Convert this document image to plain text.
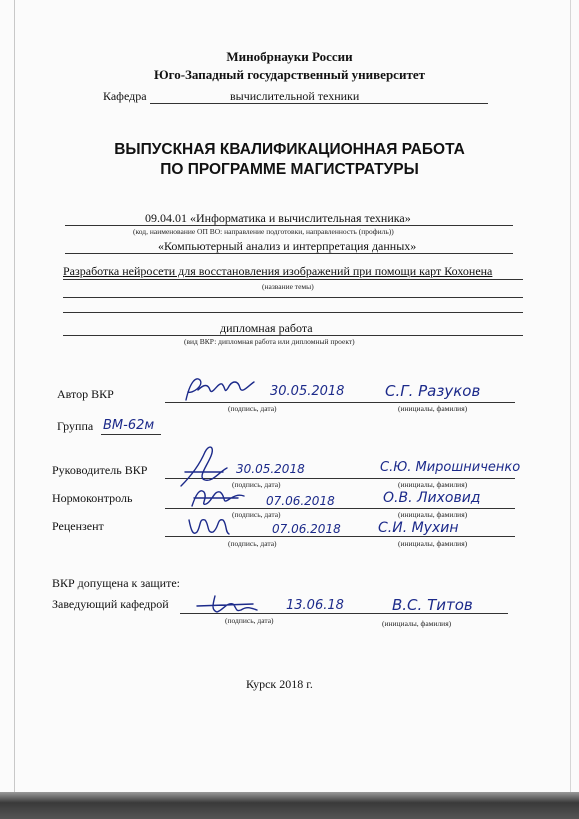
Минобрнауки России
Юго-Западный государственный университет
Кафедра	вычислительной техники
ВЫПУСКНАЯ КВАЛИФИКАЦИОННАЯ РАБОТА
ПО ПРОГРАММЕ МАГИСТРАТУРЫ
09.04.01 «Информатика и вычислительная техника»
(код, наименование ОП ВО: направление подготовки, направленность (профиль))
«Компьютерный анализ и интерпретация данных»
Разработка нейросети для восстановления изображений при помощи карт Кохонена
(название темы)
дипломная работа
(вид ВКР: дипломная работа или дипломный проект)
Автор ВКР	30.05.2018	С.Г. Разуков
(подпись, дата)	(инициалы, фамилия)
Группа ВМ-62м
Руководитель ВКР	30.05.2018	С.Ю. Мирошниченко
(подпись, дата)	(инициалы, фамилия)
Нормоконтроль	07.06.2018	О.В. Лиховид
(подпись, дата)	(инициалы, фамилия)
Рецензент	07.06.2018	С.И. Мухин
(подпись, дата)	(инициалы, фамилия)
ВКР допущена к защите:
Заведующий кафедрой	13.06.18	В.С. Титов
(подпись, дата)	(инициалы, фамилия)
Курск 2018 г.
